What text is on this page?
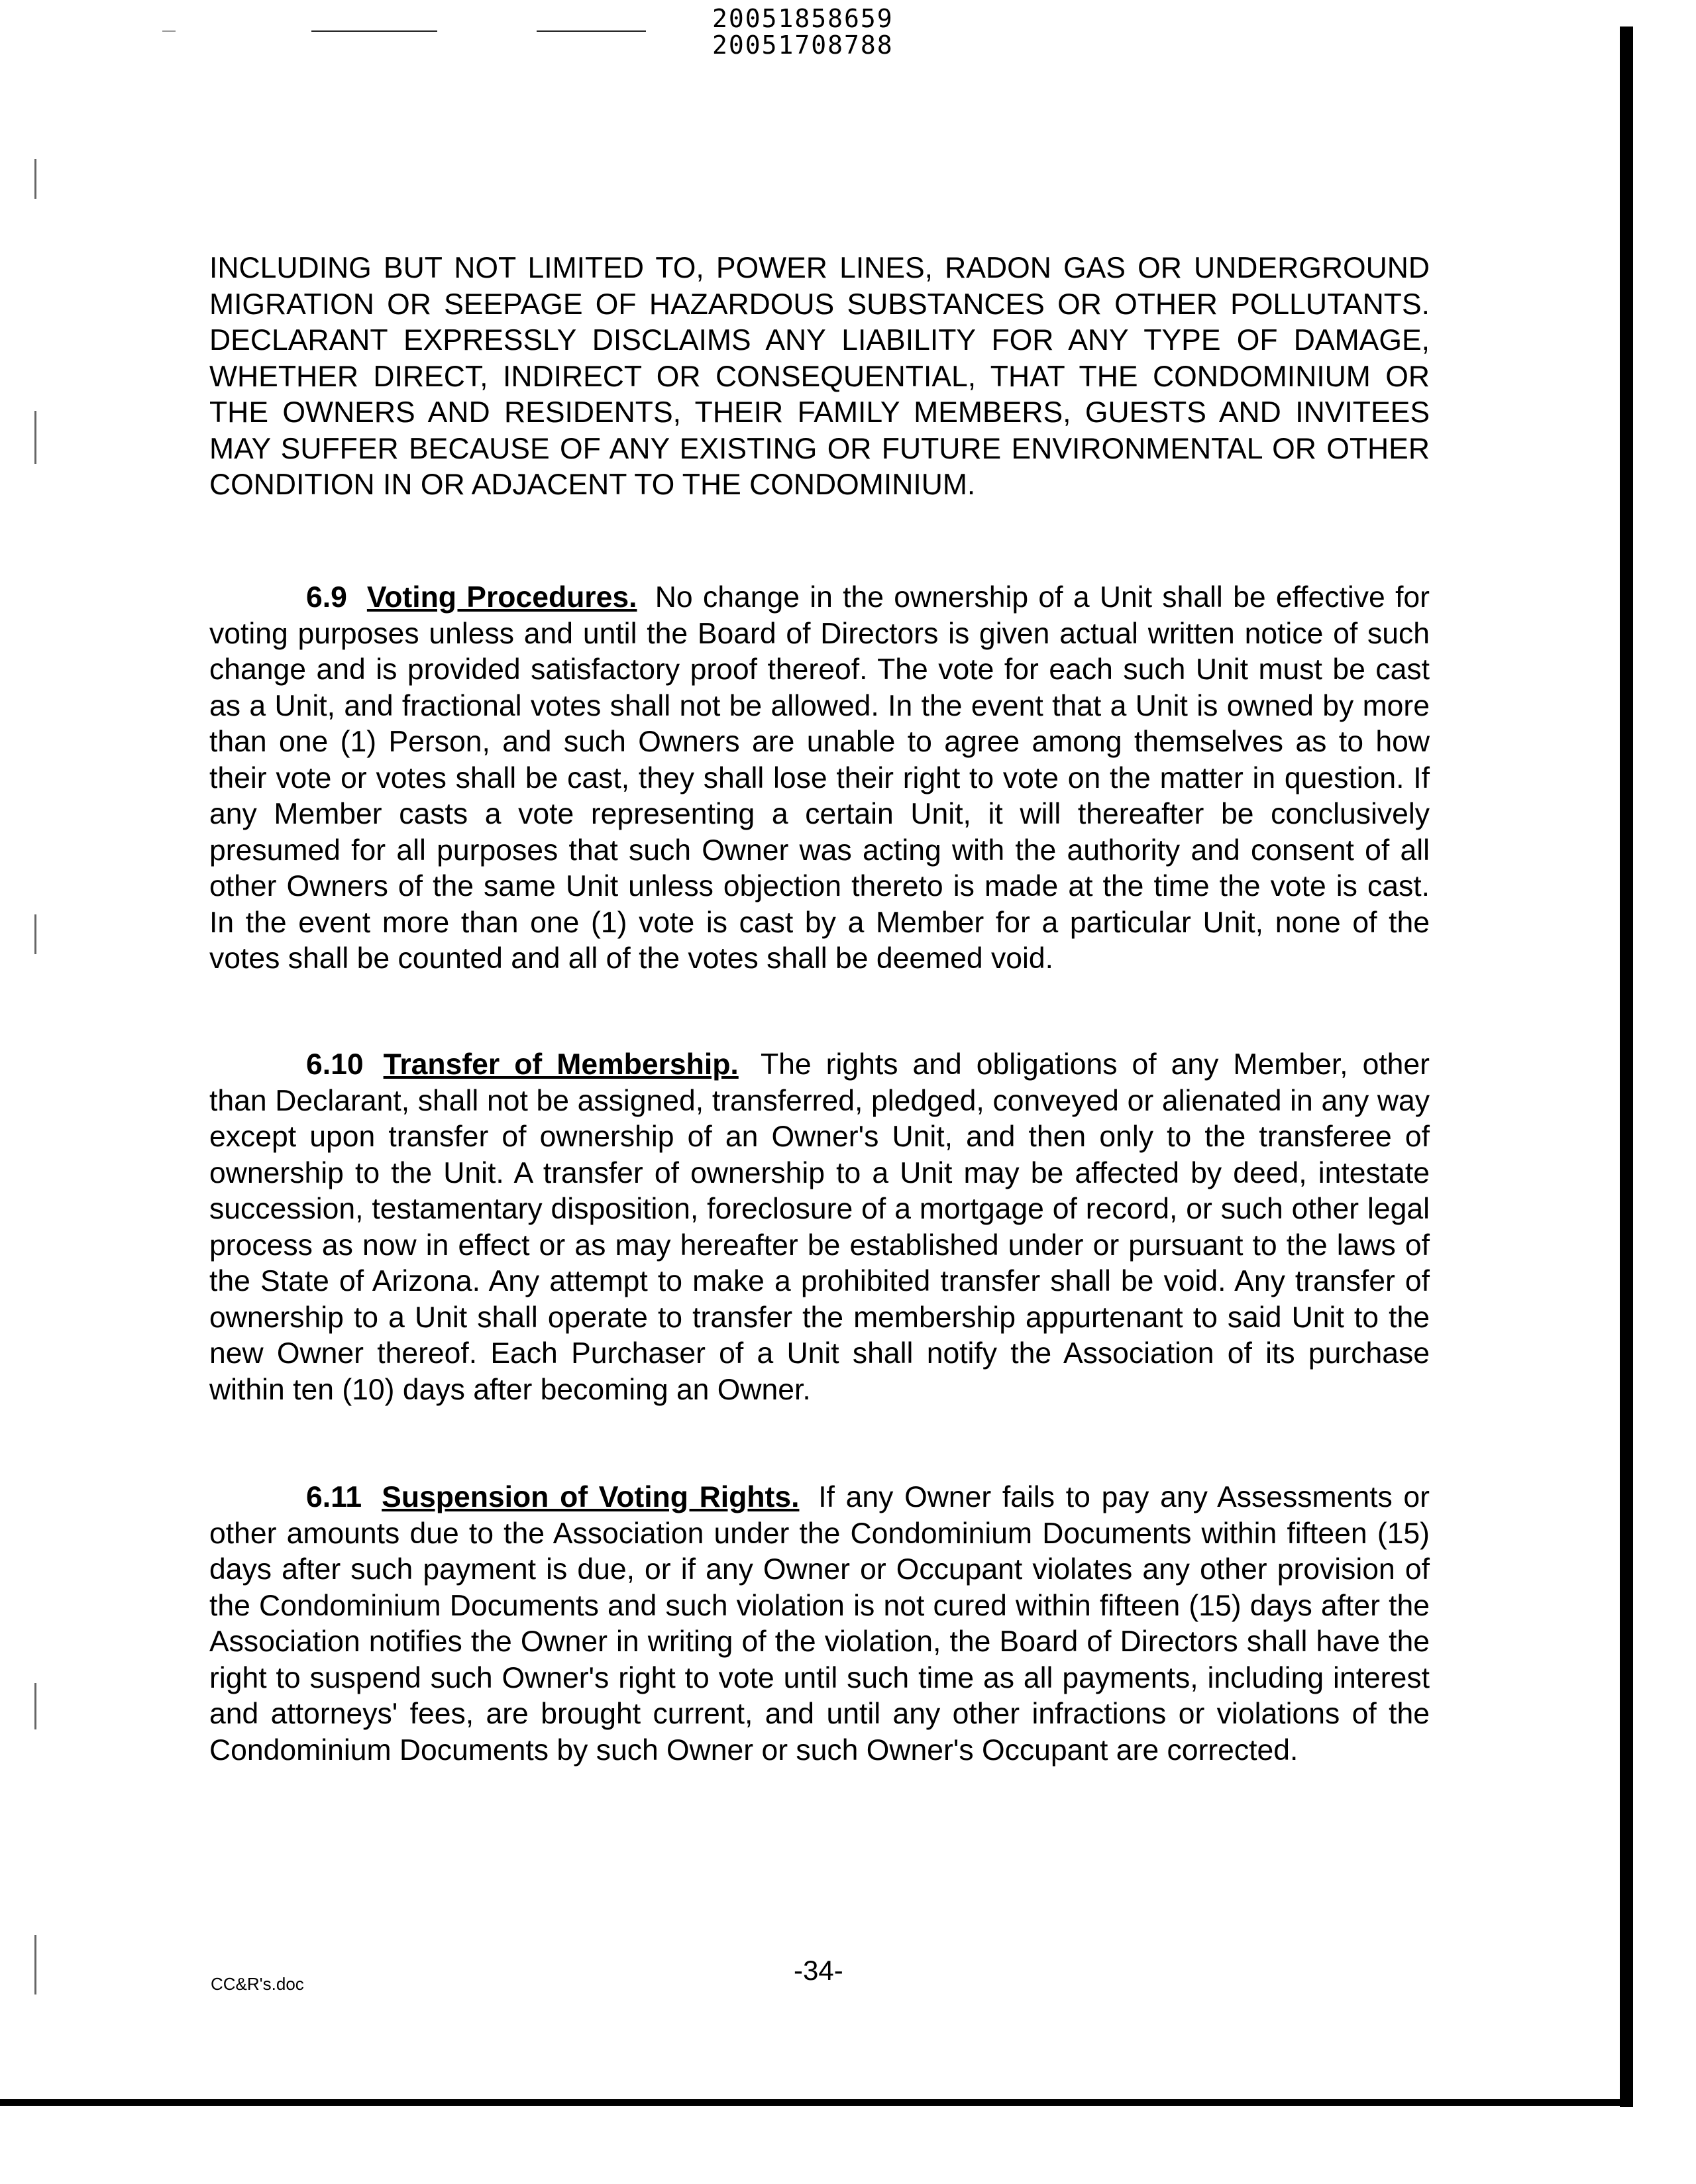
20051858659
20051708788
INCLUDING BUT NOT LIMITED TO, POWER LINES, RADON GAS OR UNDERGROUND MIGRATION OR SEEPAGE OF HAZARDOUS SUBSTANCES OR OTHER POLLUTANTS. DECLARANT EXPRESSLY DISCLAIMS ANY LIABILITY FOR ANY TYPE OF DAMAGE, WHETHER DIRECT, INDIRECT OR CONSEQUENTIAL, THAT THE CONDOMINIUM OR THE OWNERS AND RESIDENTS, THEIR FAMILY MEMBERS, GUESTS AND INVITEES MAY SUFFER BECAUSE OF ANY EXISTING OR FUTURE ENVIRONMENTAL OR OTHER CONDITION IN OR ADJACENT TO THE CONDOMINIUM.
6.9 Voting Procedures. No change in the ownership of a Unit shall be effective for voting purposes unless and until the Board of Directors is given actual written notice of such change and is provided satisfactory proof thereof. The vote for each such Unit must be cast as a Unit, and fractional votes shall not be allowed. In the event that a Unit is owned by more than one (1) Person, and such Owners are unable to agree among themselves as to how their vote or votes shall be cast, they shall lose their right to vote on the matter in question. If any Member casts a vote representing a certain Unit, it will thereafter be conclusively presumed for all purposes that such Owner was acting with the authority and consent of all other Owners of the same Unit unless objection thereto is made at the time the vote is cast. In the event more than one (1) vote is cast by a Member for a particular Unit, none of the votes shall be counted and all of the votes shall be deemed void.
6.10 Transfer of Membership. The rights and obligations of any Member, other than Declarant, shall not be assigned, transferred, pledged, conveyed or alienated in any way except upon transfer of ownership of an Owner's Unit, and then only to the transferee of ownership to the Unit. A transfer of ownership to a Unit may be affected by deed, intestate succession, testamentary disposition, foreclosure of a mortgage of record, or such other legal process as now in effect or as may hereafter be established under or pursuant to the laws of the State of Arizona. Any attempt to make a prohibited transfer shall be void. Any transfer of ownership to a Unit shall operate to transfer the membership appurtenant to said Unit to the new Owner thereof. Each Purchaser of a Unit shall notify the Association of its purchase within ten (10) days after becoming an Owner.
6.11 Suspension of Voting Rights. If any Owner fails to pay any Assessments or other amounts due to the Association under the Condominium Documents within fifteen (15) days after such payment is due, or if any Owner or Occupant violates any other provision of the Condominium Documents and such violation is not cured within fifteen (15) days after the Association notifies the Owner in writing of the violation, the Board of Directors shall have the right to suspend such Owner's right to vote until such time as all payments, including interest and attorneys' fees, are brought current, and until any other infractions or violations of the Condominium Documents by such Owner or such Owner's Occupant are corrected.
CC&R's.doc	-34-
